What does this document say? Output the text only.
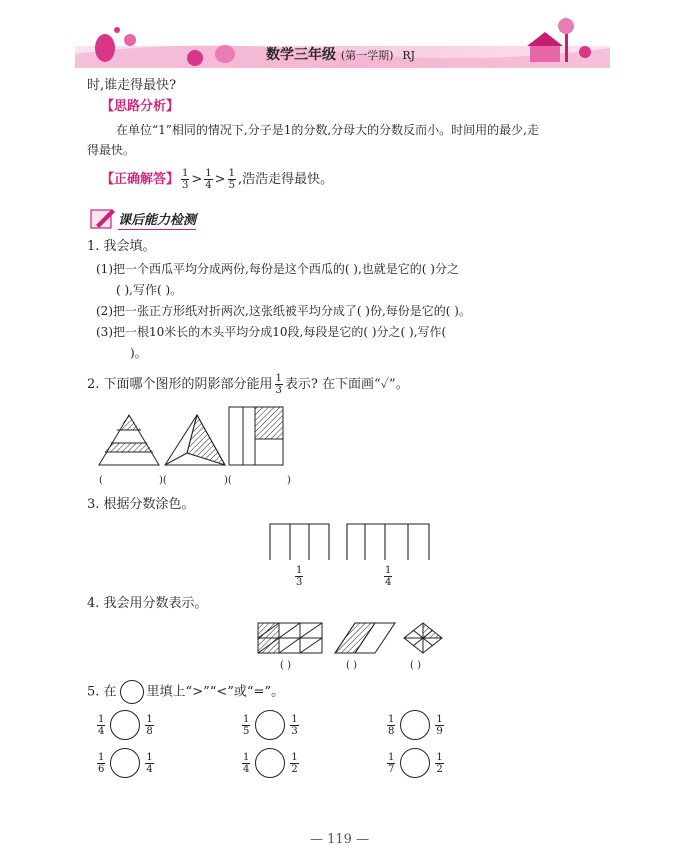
数学三年级 (第一学期) RJ
时,谁走得最快?
【思路分析】
在单位“1”相同的情况下,分子是1的分数,分母大的分数反而小。时间用的最少,走
得最快。
【正确解答】 $\frac{1}{3} > \frac{1}{4} > \frac{1}{5}$ ,浩浩走得最快。
课后能力检测
1. 我会填。
(1)把一个西瓜平均分成两份,每份是这个西瓜的( ),也就是它的( )分之
( ),写作( )。
(2)把一张正方形纸对折两次,这张纸被平均分成了( )份,每份是它的( )。
(3)把一根10米长的木头平均分成10段,每段是它的( )分之( ),写作(
)。
2. 下面哪个图形的阴影部分能用 $\frac{1}{3}$ 表示? 在下面画“✓”。
(	)(	)(	)
3. 根据分数涂色。
$\frac{1}{3}$	$\frac{1}{4}$
4. 我会用分数表示。
( )	( )	( )
5. 在 里填上“>”“<”或“=”。
$\frac{1}{4}$	$\frac{1}{8}$	$\frac{1}{5}$	$\frac{1}{3}$	$\frac{1}{8}$	$\frac{1}{9}$
$\frac{1}{6}$	$\frac{1}{4}$	$\frac{1}{4}$	$\frac{1}{2}$	$\frac{1}{7}$	$\frac{1}{2}$
— 119 —
